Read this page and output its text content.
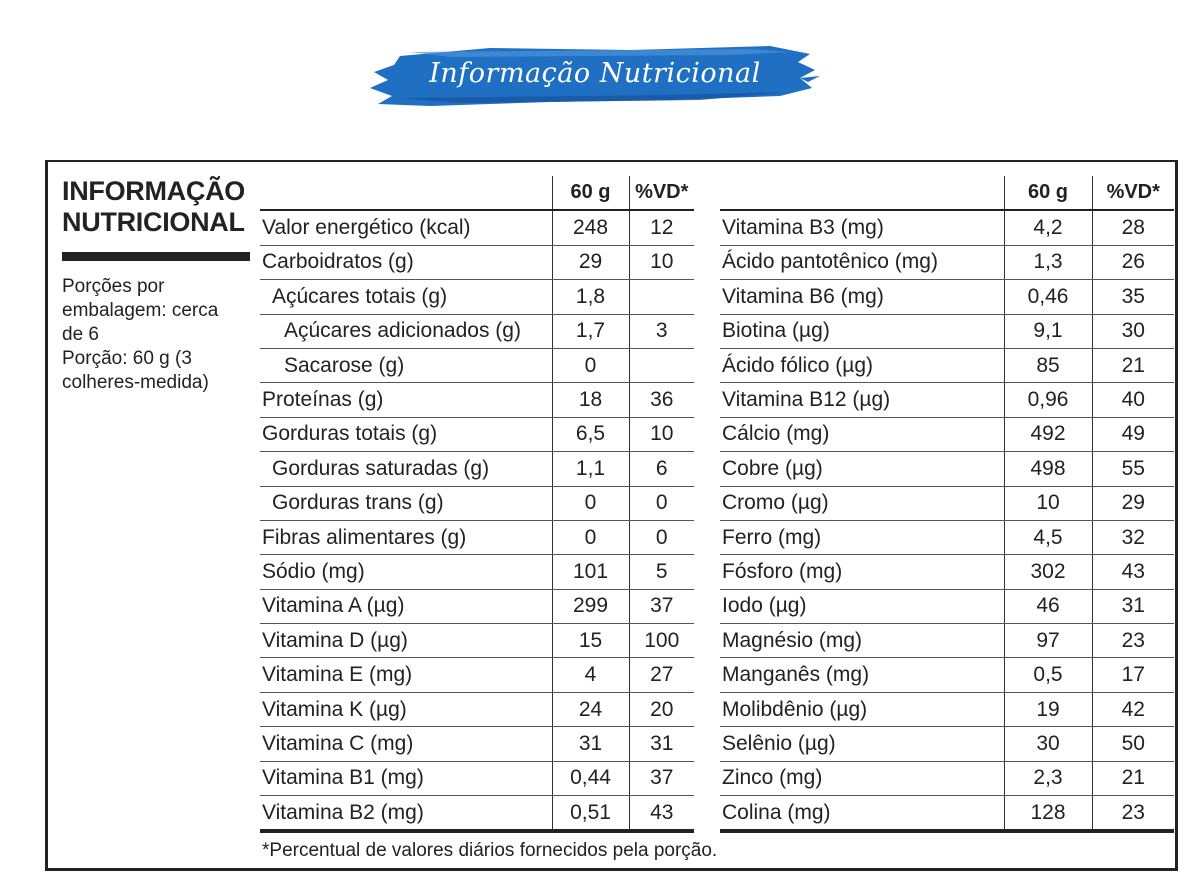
Informação Nutricional
INFORMAÇÃO
NUTRICIONAL
Porções por
embalagem: cerca
de 6
Porção: 60 g (3
colheres-medida)
	60 g	%VD*
Valor energético (kcal)	248	12
Carboidratos (g)	29	10
Açúcares totais (g)	1,8	
Açúcares adicionados (g)	1,7	3
Sacarose (g)	0	
Proteínas (g)	18	36
Gorduras totais (g)	6,5	10
Gorduras saturadas (g)	1,1	6
Gorduras trans (g)	0	0
Fibras alimentares (g)	0	0
Sódio (mg)	101	5
Vitamina A (µg)	299	37
Vitamina D (µg)	15	100
Vitamina E (mg)	4	27
Vitamina K (µg)	24	20
Vitamina C (mg)	31	31
Vitamina B1 (mg)	0,44	37
Vitamina B2 (mg)	0,51	43
	60 g	%VD*
Vitamina B3 (mg)	4,2	28
Ácido pantotênico (mg)	1,3	26
Vitamina B6 (mg)	0,46	35
Biotina (µg)	9,1	30
Ácido fólico (µg)	85	21
Vitamina B12 (µg)	0,96	40
Cálcio (mg)	492	49
Cobre (µg)	498	55
Cromo (µg)	10	29
Ferro (mg)	4,5	32
Fósforo (mg)	302	43
Iodo (µg)	46	31
Magnésio (mg)	97	23
Manganês (mg)	0,5	17
Molibdênio (µg)	19	42
Selênio (µg)	30	50
Zinco (mg)	2,3	21
Colina (mg)	128	23
*Percentual de valores diários fornecidos pela porção.
